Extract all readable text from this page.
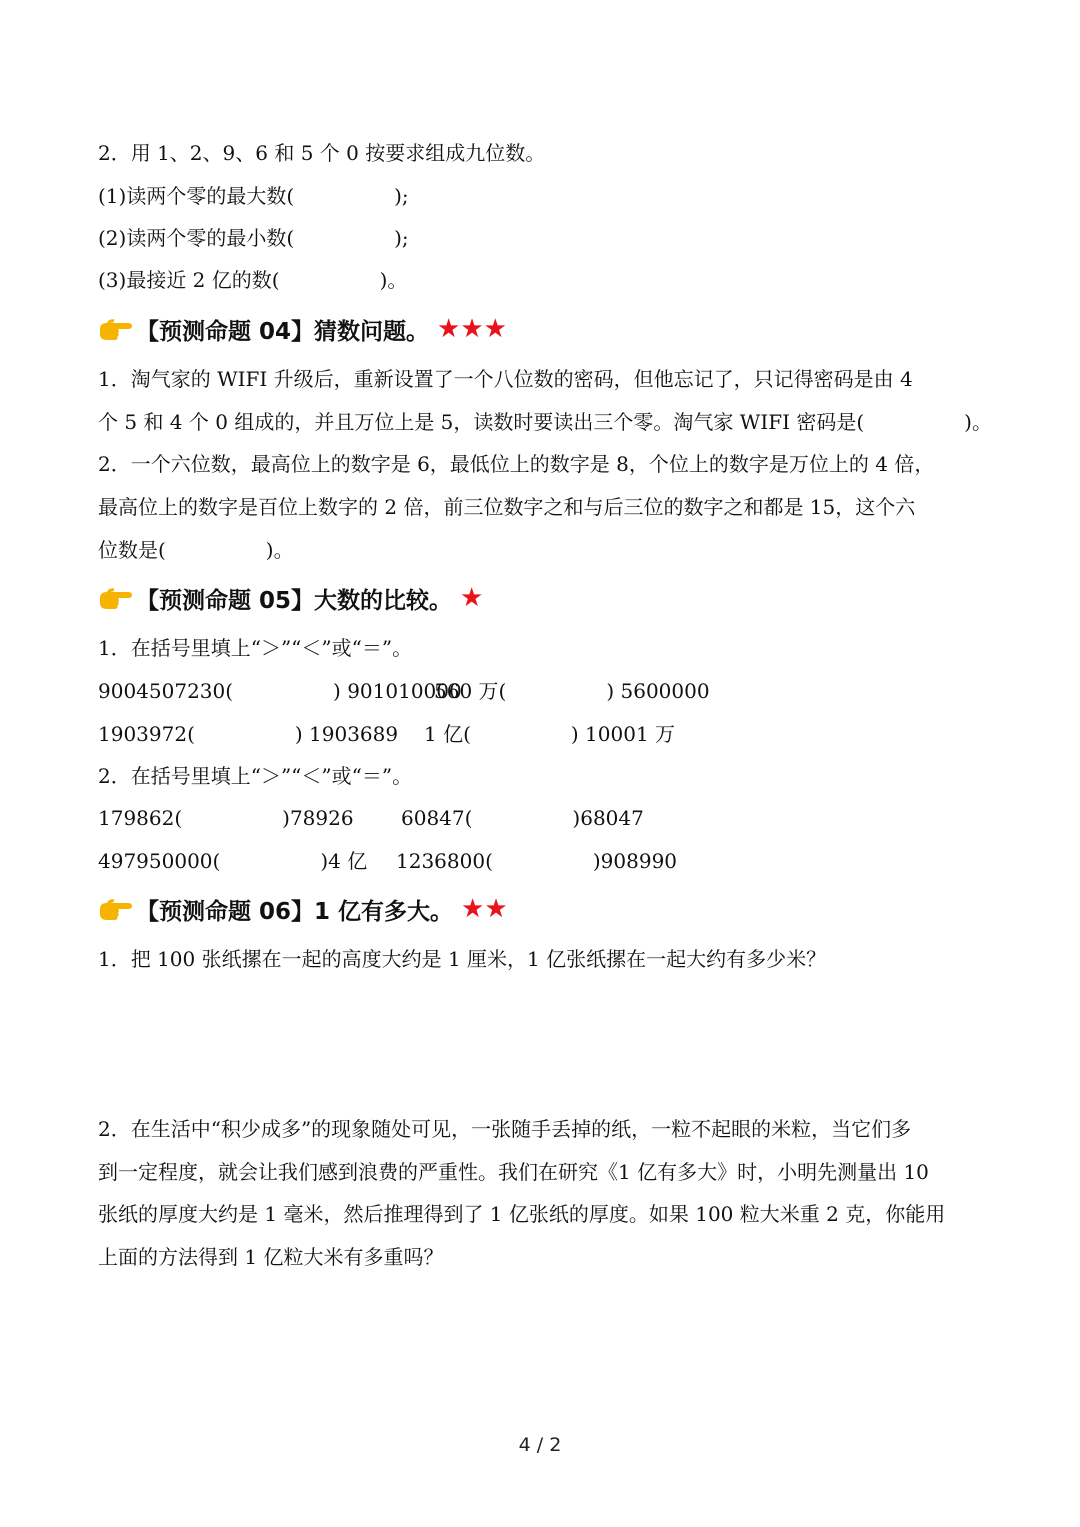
2．用 1、2、9、6 和 5 个 0 按要求组成九位数。
(1)读两个零的最大数(　　　　　);
(2)读两个零的最小数(　　　　　);
(3)最接近 2 亿的数(　　　　　)。
【预测命题 04】猜数问题。 ★★★
1．淘气家的 WIFI 升级后，重新设置了一个八位数的密码，但他忘记了，只记得密码是由 4
个 5 和 4 个 0 组成的，并且万位上是 5，读数时要读出三个零。淘气家 WIFI 密码是(　　　　　)。
2．一个六位数，最高位上的数字是 6，最低位上的数字是 8，个位上的数字是万位上的 4 倍，
最高位上的数字是百位上数字的 2 倍，前三位数字之和与后三位的数字之和都是 15，这个六
位数是(　　　　　)。
【预测命题 05】大数的比较。 ★
1．在括号里填上“＞”“＜”或“＝”。
9004507230(　　　　　) 901010000
560 万(　　　　　) 5600000
1903972(　　　　　) 1903689 1 亿(　　　　　) 10001 万
2．在括号里填上“＞”“＜”或“＝”。
179862(　　　　　)78926 60847(　　　　　)68047
497950000(　　　　　)4 亿 1236800(　　　　　)908990
【预测命题 06】1 亿有多大。 ★★
1．把 100 张纸摞在一起的高度大约是 1 厘米，1 亿张纸摞在一起大约有多少米？
2．在生活中“积少成多”的现象随处可见，一张随手丢掉的纸，一粒不起眼的米粒，当它们多
到一定程度，就会让我们感到浪费的严重性。我们在研究《1 亿有多大》时，小明先测量出 10
张纸的厚度大约是 1 毫米，然后推理得到了 1 亿张纸的厚度。如果 100 粒大米重 2 克，你能用
上面的方法得到 1 亿粒大米有多重吗？
4 / 2
